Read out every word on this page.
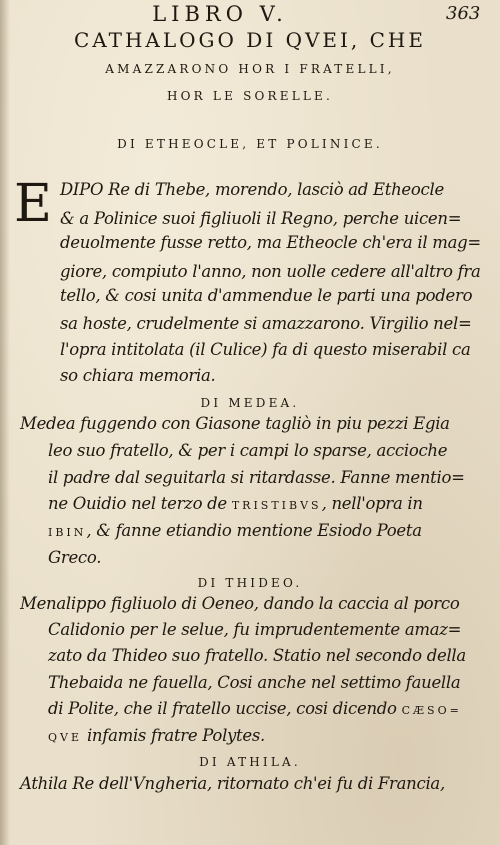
LIBRO V.	363
CATHALOGO DI QVEI, CHE
AMAZZARONO HOR I FRATELLI,
HOR LE SORELLE.
DI ETHEOCLE, ET POLINICE.
E DIPO Re di Thebe, morendo, lasciò ad Etheocle
& a Polinice suoi figliuoli il Regno, perche uicen=
deuolmente fusse retto, ma Etheocle ch'era il mag=
giore, compiuto l'anno, non uolle cedere all'altro fra
tello, & cosi unita d'ammendue le parti una podero
sa hoste, crudelmente si amazzarono. Virgilio nel=
l'opra intitolata (il Culice) fa di questo miserabil ca
so chiara memoria.
DI MEDEA.
Medea fuggendo con Giasone tagliò in piu pezzi Egia
leo suo fratello, & per i campi lo sparse, accioche
il padre dal seguitarla si ritardasse. Fanne mentio=
ne Ouidio nel terzo de TRISTIBVS, nell'opra in
IBIN, & fanne etiandio mentione Esiodo Poeta
Greco.
DI THIDEO.
Menalippo figliuolo di Oeneo, dando la caccia al porco
Calidonio per le selue, fu imprudentemente amaz=
zato da Thideo suo fratello. Statio nel secondo della
Thebaida ne fauella, Cosi anche nel settimo fauella
di Polite, che il fratello uccise, cosi dicendo CÆSO=
QVE infamis fratre Polytes.
DI ATHILA.
Athila Re dell'Vngheria, ritornato ch'ei fu di Francia,
